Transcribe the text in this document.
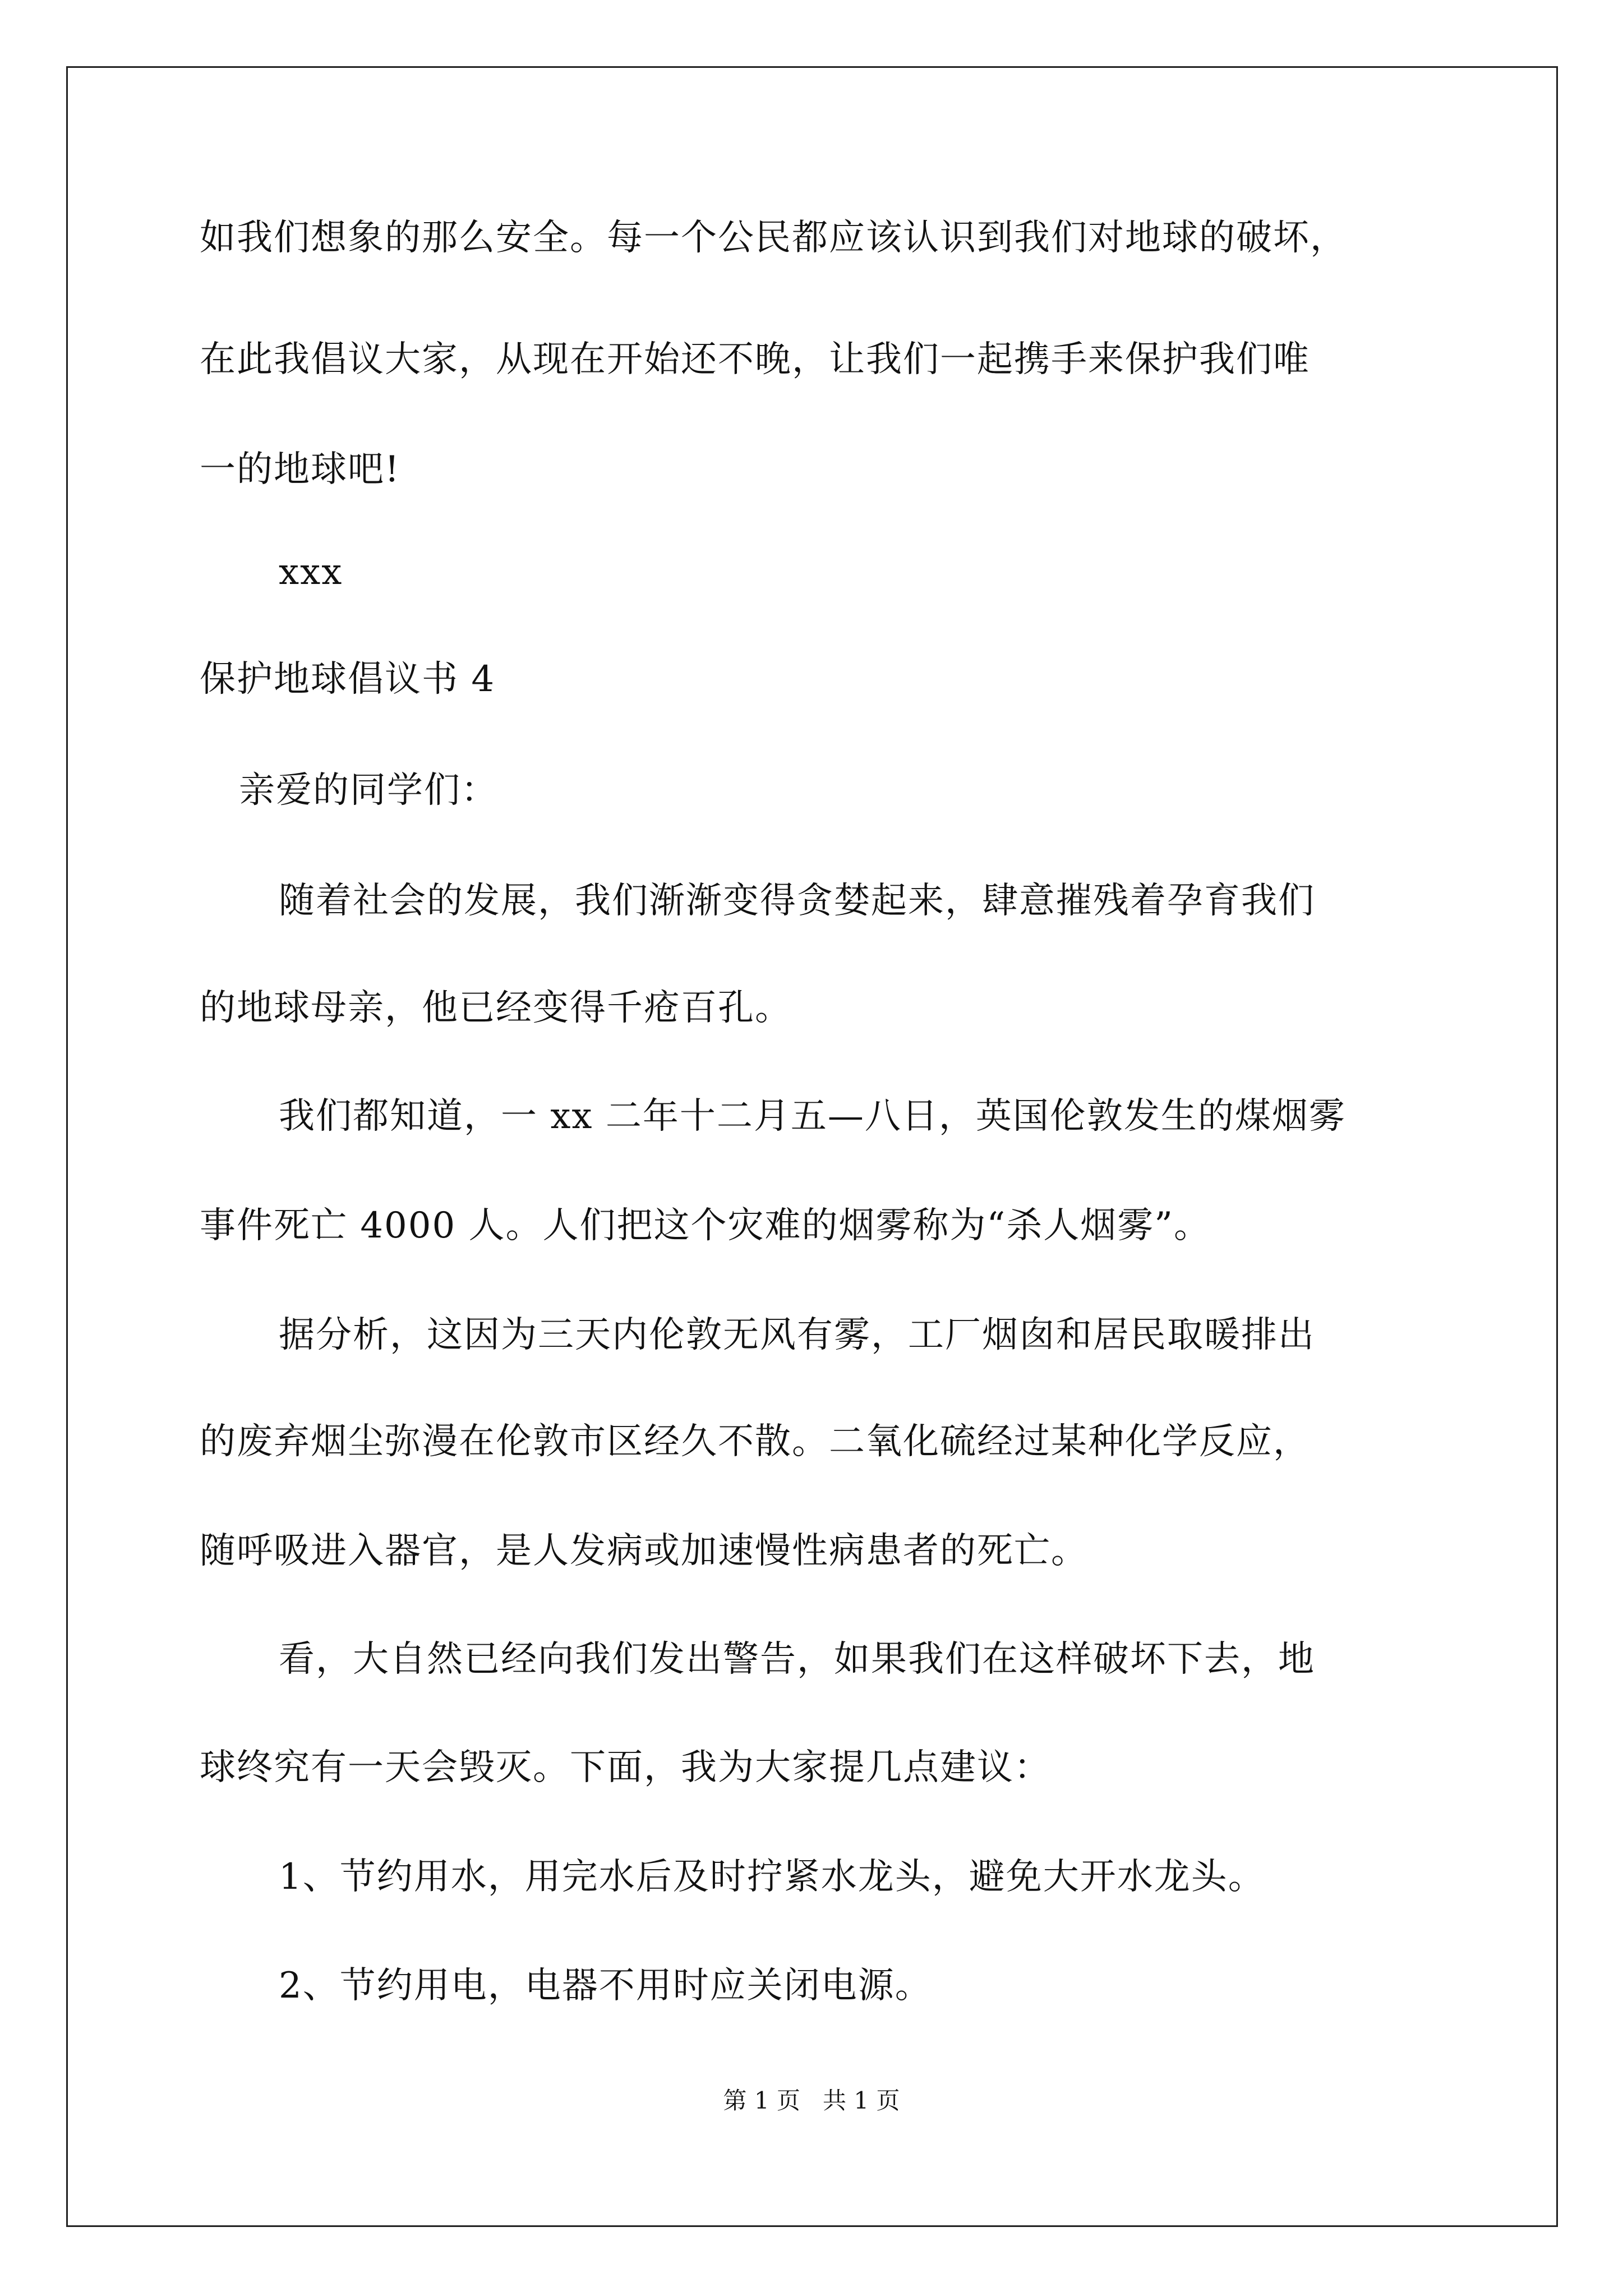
如我们想象的那么安全。每一个公民都应该认识到我们对地球的破坏，
在此我倡议大家，从现在开始还不晚，让我们一起携手来保护我们唯
一的地球吧!
xxx
保护地球倡议书 4
亲爱的同学们：
随着社会的发展，我们渐渐变得贪婪起来，肆意摧残着孕育我们
的地球母亲，他已经变得千疮百孔。
我们都知道，一 xx 二年十二月五—八日，英国伦敦发生的煤烟雾
事件死亡 4000 人。人们把这个灾难的烟雾称为“杀人烟雾”。
据分析，这因为三天内伦敦无风有雾，工厂烟囱和居民取暖排出
的废弃烟尘弥漫在伦敦市区经久不散。二氧化硫经过某种化学反应，
随呼吸进入器官，是人发病或加速慢性病患者的死亡。
看，大自然已经向我们发出警告，如果我们在这样破坏下去，地
球终究有一天会毁灭。下面，我为大家提几点建议：
1、节约用水，用完水后及时拧紧水龙头，避免大开水龙头。
2、节约用电，电器不用时应关闭电源。
第 1 页   共 1 页
